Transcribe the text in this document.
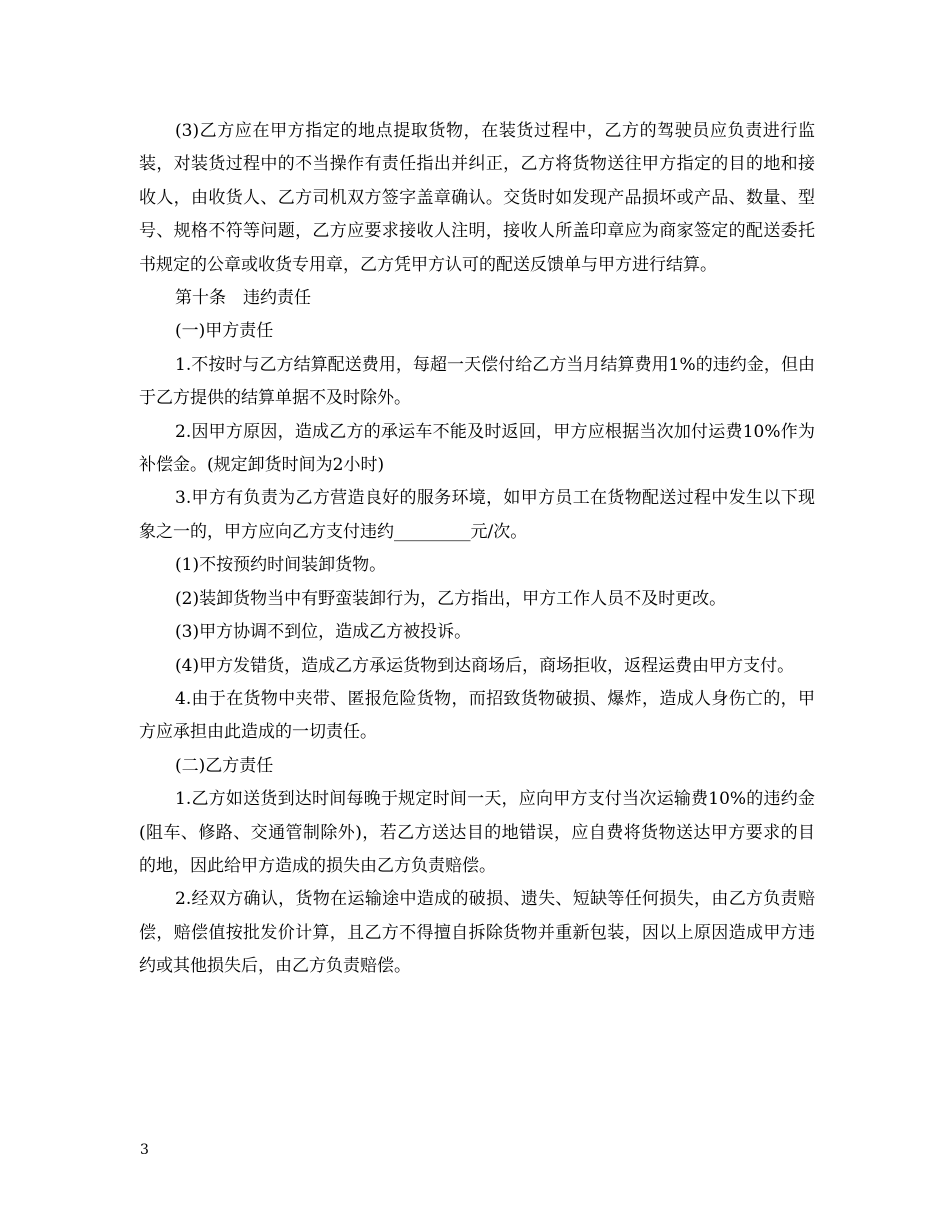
(3)乙方应在甲方指定的地点提取货物，在装货过程中，乙方的驾驶员应负责进行监装，对装货过程中的不当操作有责任指出并纠正，乙方将货物送往甲方指定的目的地和接收人，由收货人、乙方司机双方签字盖章确认。交货时如发现产品损坏或产品、数量、型号、规格不符等问题，乙方应要求接收人注明，接收人所盖印章应为商家签定的配送委托书规定的公章或收货专用章，乙方凭甲方认可的配送反馈单与甲方进行结算。

第十条　违约责任

(一)甲方责任

1.不按时与乙方结算配送费用，每超一天偿付给乙方当月结算费用1%的违约金，但由于乙方提供的结算单据不及时除外。

2.因甲方原因，造成乙方的承运车不能及时返回，甲方应根据当次加付运费10%作为补偿金。(规定卸货时间为2小时)

3.甲方有负责为乙方营造良好的服务环境，如甲方员工在货物配送过程中发生以下现象之一的，甲方应向乙方支付违约_________元/次。

(1)不按预约时间装卸货物。

(2)装卸货物当中有野蛮装卸行为，乙方指出，甲方工作人员不及时更改。

(3)甲方协调不到位，造成乙方被投诉。

(4)甲方发错货，造成乙方承运货物到达商场后，商场拒收，返程运费由甲方支付。

4.由于在货物中夹带、匿报危险货物，而招致货物破损、爆炸，造成人身伤亡的，甲方应承担由此造成的一切责任。

(二)乙方责任

1.乙方如送货到达时间每晚于规定时间一天，应向甲方支付当次运输费10%的违约金(阻车、修路、交通管制除外)，若乙方送达目的地错误，应自费将货物送达甲方要求的目的地，因此给甲方造成的损失由乙方负责赔偿。

2.经双方确认，货物在运输途中造成的破损、遗失、短缺等任何损失，由乙方负责赔偿，赔偿值按批发价计算，且乙方不得擅自拆除货物并重新包装，因以上原因造成甲方违约或其他损失后，由乙方负责赔偿。

3
